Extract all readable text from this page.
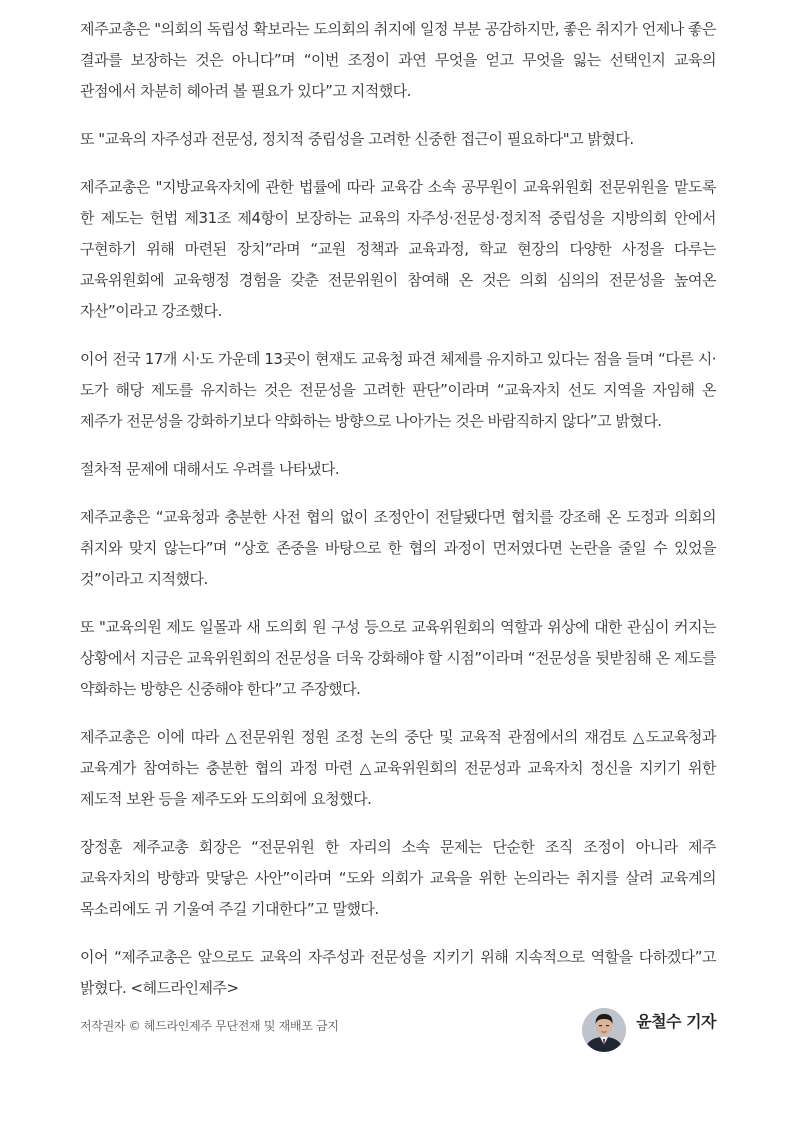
제주교총은 "의회의 독립성 확보라는 도의회의 취지에 일정 부분 공감하지만, 좋은 취지가 언제나 좋은 결과를 보장하는 것은 아니다”며 “이번 조정이 과연 무엇을 얻고 무엇을 잃는 선택인지 교육의 관점에서 차분히 헤아려 볼 필요가 있다”고 지적했다.

또 "교육의 자주성과 전문성, 정치적 중립성을 고려한 신중한 접근이 필요하다"고 밝혔다.

제주교총은 "지방교육자치에 관한 법률에 따라 교육감 소속 공무원이 교육위원회 전문위원을 맡도록 한 제도는 헌법 제31조 제4항이 보장하는 교육의 자주성·전문성·정치적 중립성을 지방의회 안에서 구현하기 위해 마련된 장치”라며 “교원 정책과 교육과정, 학교 현장의 다양한 사정을 다루는 교육위원회에 교육행정 경험을 갖춘 전문위원이 참여해 온 것은 의회 심의의 전문성을 높여온 자산”이라고 강조했다.

이어 전국 17개 시·도 가운데 13곳이 현재도 교육청 파견 체제를 유지하고 있다는 점을 들며 “다른 시·도가 해당 제도를 유지하는 것은 전문성을 고려한 판단”이라며 “교육자치 선도 지역을 자임해 온 제주가 전문성을 강화하기보다 약화하는 방향으로 나아가는 것은 바람직하지 않다”고 밝혔다.

절차적 문제에 대해서도 우려를 나타냈다.

제주교총은 “교육청과 충분한 사전 협의 없이 조정안이 전달됐다면 협치를 강조해 온 도정과 의회의 취지와 맞지 않는다”며 “상호 존중을 바탕으로 한 협의 과정이 먼저였다면 논란을 줄일 수 있었을 것”이라고 지적했다.

또 "교육의원 제도 일몰과 새 도의회 원 구성 등으로 교육위원회의 역할과 위상에 대한 관심이 커지는 상황에서 지금은 교육위원회의 전문성을 더욱 강화해야 할 시점”이라며 “전문성을 뒷받침해 온 제도를 약화하는 방향은 신중해야 한다”고 주장했다.

제주교총은 이에 따라 △전문위원 정원 조정 논의 중단 및 교육적 관점에서의 재검토 △도교육청과 교육계가 참여하는 충분한 협의 과정 마련 △교육위원회의 전문성과 교육자치 정신을 지키기 위한 제도적 보완 등을 제주도와 도의회에 요청했다.

장정훈 제주교총 회장은 “전문위원 한 자리의 소속 문제는 단순한 조직 조정이 아니라 제주 교육자치의 방향과 맞닿은 사안”이라며 “도와 의회가 교육을 위한 논의라는 취지를 살려 교육계의 목소리에도 귀 기울여 주길 기대한다”고 말했다.

이어 “제주교총은 앞으로도 교육의 자주성과 전문성을 지키기 위해 지속적으로 역할을 다하겠다”고 밝혔다. <헤드라인제주>

저작권자 © 헤드라인제주 무단전재 및 재배포 금지	윤철수 기자
